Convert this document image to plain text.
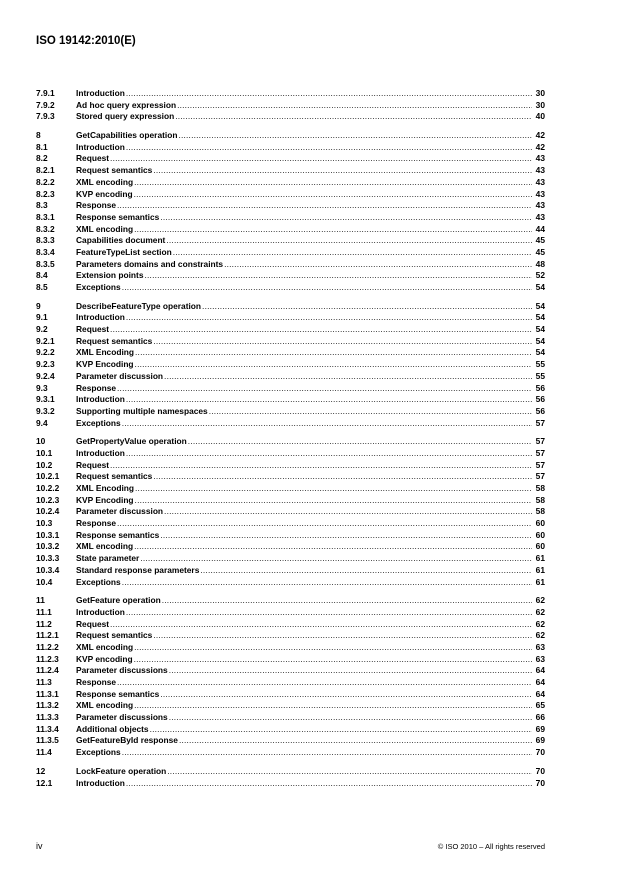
ISO 19142:2010(E)
7.9.1	Introduction .....	30
7.9.2	Ad hoc query expression .....	30
7.9.3	Stored query expression .....	40
8	GetCapabilities operation .....	42
8.1	Introduction .....	42
8.2	Request .....	43
8.2.1	Request semantics .....	43
8.2.2	XML encoding .....	43
8.2.3	KVP encoding .....	43
8.3	Response .....	43
8.3.1	Response semantics .....	43
8.3.2	XML encoding .....	44
8.3.3	Capabilities document .....	45
8.3.4	FeatureTypeList section .....	45
8.3.5	Parameters domains and constraints .....	48
8.4	Extension points .....	52
8.5	Exceptions .....	54
9	DescribeFeatureType operation .....	54
9.1	Introduction .....	54
9.2	Request .....	54
9.2.1	Request semantics .....	54
9.2.2	XML Encoding .....	54
9.2.3	KVP Encoding .....	55
9.2.4	Parameter discussion .....	55
9.3	Response .....	56
9.3.1	Introduction .....	56
9.3.2	Supporting multiple namespaces .....	56
9.4	Exceptions .....	57
10	GetPropertyValue operation .....	57
10.1	Introduction .....	57
10.2	Request .....	57
10.2.1	Request semantics .....	57
10.2.2	XML Encoding .....	58
10.2.3	KVP Encoding .....	58
10.2.4	Parameter discussion .....	58
10.3	Response .....	60
10.3.1	Response semantics .....	60
10.3.2	XML encoding .....	60
10.3.3	State parameter .....	61
10.3.4	Standard response parameters .....	61
10.4	Exceptions .....	61
11	GetFeature operation .....	62
11.1	Introduction .....	62
11.2	Request .....	62
11.2.1	Request semantics .....	62
11.2.2	XML encoding .....	63
11.2.3	KVP encoding .....	63
11.2.4	Parameter discussions .....	64
11.3	Response .....	64
11.3.1	Response semantics .....	64
11.3.2	XML encoding .....	65
11.3.3	Parameter discussions .....	66
11.3.4	Additional objects .....	69
11.3.5	GetFeatureById response .....	69
11.4	Exceptions .....	70
12	LockFeature operation .....	70
12.1	Introduction .....	70
iv	© ISO 2010 – All rights reserved
